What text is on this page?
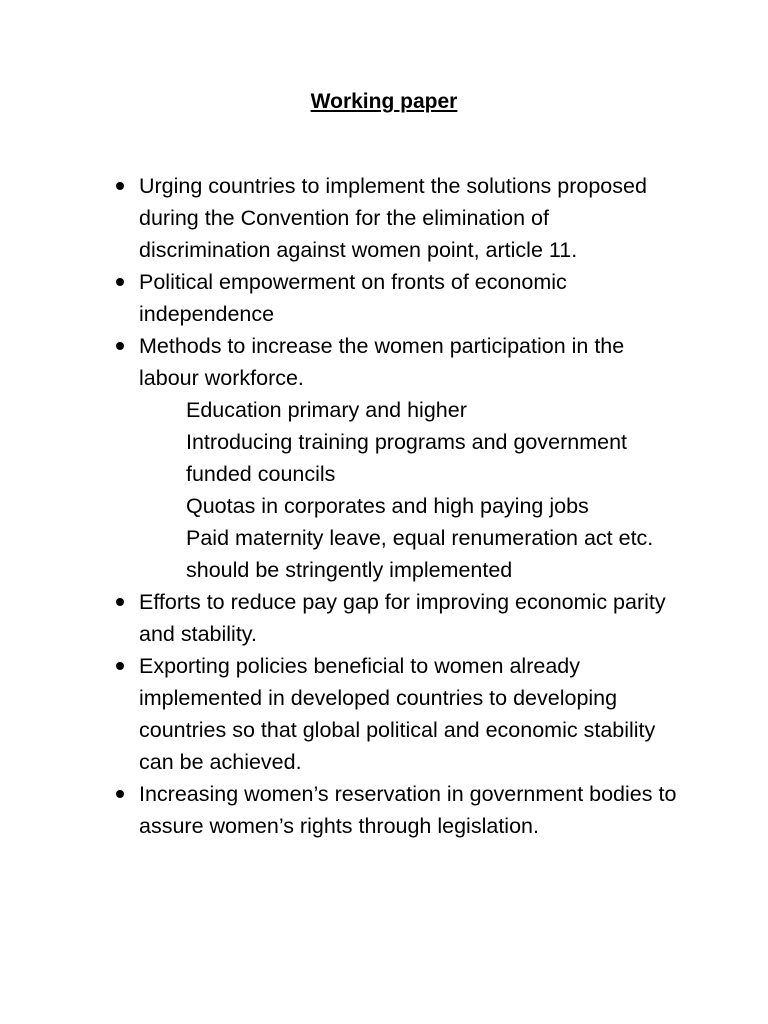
Working paper
Urging countries to implement the solutions proposed during the Convention for the elimination of discrimination against women point, article 11.
Political empowerment on fronts of economic independence
Methods to increase the women participation in the labour workforce.
Education primary and higher
Introducing training programs and government funded councils
Quotas in corporates and high paying jobs
Paid maternity leave, equal renumeration act etc. should be stringently implemented
Efforts to reduce pay gap for improving economic parity and stability.
Exporting policies beneficial to women already implemented in developed countries to developing countries so that global political and economic stability can be achieved.
Increasing women’s reservation in government bodies to assure women’s rights through legislation.
